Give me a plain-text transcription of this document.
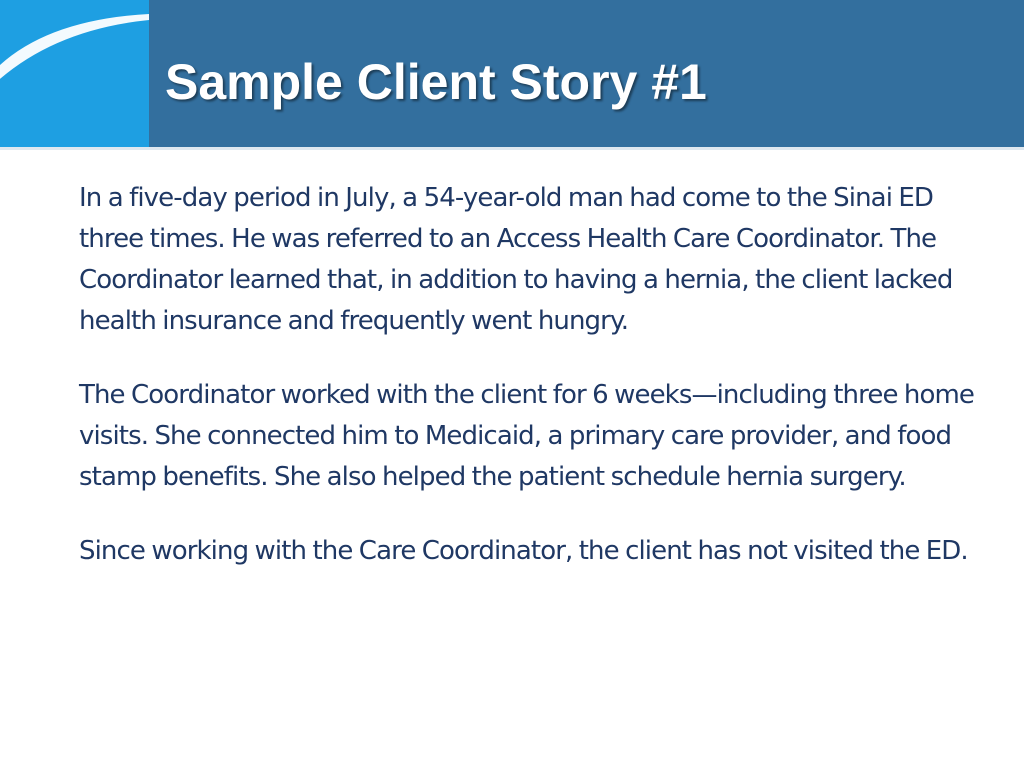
Sample Client Story #1

In a five-day period in July, a 54-year-old man had come to the Sinai ED three times. He was referred to an Access Health Care Coordinator. The Coordinator learned that, in addition to having a hernia, the client lacked health insurance and frequently went hungry.

The Coordinator worked with the client for 6 weeks—including three home visits. She connected him to Medicaid, a primary care provider, and food stamp benefits. She also helped the patient schedule hernia surgery.

Since working with the Care Coordinator, the client has not visited the ED.
